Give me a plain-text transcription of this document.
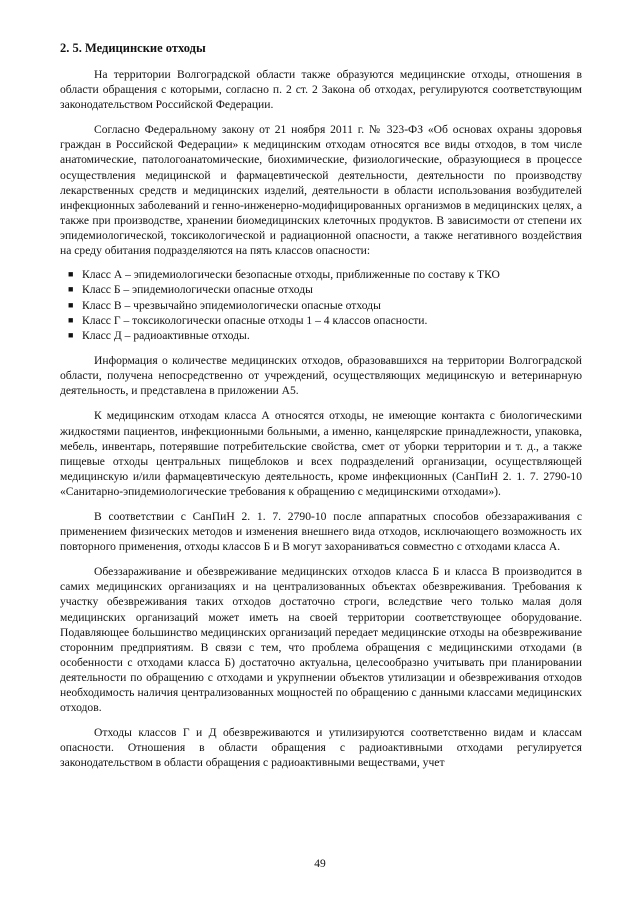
2. 5. Медицинские отходы

На территории Волгоградской области также образуются медицинские отходы, отношения в области обращения с которыми, согласно п. 2 ст. 2 Закона об отходах, регулируются соответствующим законодательством Российской Федерации.

Согласно Федеральному закону от 21 ноября 2011 г. № 323-ФЗ «Об основах охраны здоровья граждан в Российской Федерации» к медицинским отходам относятся все виды отходов, в том числе анатомические, патологоанатомические, биохимические, физиологические, образующиеся в процессе осуществления медицинской и фармацевтической деятельности, деятельности по производству лекарственных средств и медицинских изделий, деятельности в области использования возбудителей инфекционных заболеваний и генно-инженерно-модифицированных организмов в медицинских целях, а также при производстве, хранении биомедицинских клеточных продуктов. В зависимости от степени их эпидемиологической, токсикологической и радиационной опасности, а также негативного воздействия на среду обитания подразделяются на пять классов опасности:

■ Класс А – эпидемиологически безопасные отходы, приближенные по составу к ТКО
■ Класс Б – эпидемиологически опасные отходы
■ Класс В – чрезвычайно эпидемиологически опасные отходы
■ Класс Г – токсикологически опасные отходы 1 – 4 классов опасности.
■ Класс Д – радиоактивные отходы.

Информация о количестве медицинских отходов, образовавшихся на территории Волгоградской области, получена непосредственно от учреждений, осуществляющих медицинскую и ветеринарную деятельность, и представлена в приложении А5.

К медицинским отходам класса А относятся отходы, не имеющие контакта с биологическими жидкостями пациентов, инфекционными больными, а именно, канцелярские принадлежности, упаковка, мебель, инвентарь, потерявшие потребительские свойства, смет от уборки территории и т. д., а также пищевые отходы центральных пищеблоков и всех подразделений организации, осуществляющей медицинскую и/или фармацевтическую деятельность, кроме инфекционных (СанПиН 2. 1. 7. 2790-10 «Санитарно-эпидемиологические требования к обращению с медицинскими отходами»).

В соответствии с СанПиН 2. 1. 7. 2790-10 после аппаратных способов обеззараживания с применением физических методов и изменения внешнего вида отходов, исключающего возможность их повторного применения, отходы классов Б и В могут захораниваться совместно с отходами класса А.

Обеззараживание и обезвреживание медицинских отходов класса Б и класса В производится в самих медицинских организациях и на централизованных объектах обезвреживания. Требования к участку обезвреживания таких отходов достаточно строги, вследствие чего только малая доля медицинских организаций может иметь на своей территории соответствующее оборудование. Подавляющее большинство медицинских организаций передает медицинские отходы на обезвреживание сторонним предприятиям. В связи с тем, что проблема обращения с медицинскими отходами (в особенности с отходами класса Б) достаточно актуальна, целесообразно учитывать при планировании деятельности по обращению с отходами и укрупнении объектов утилизации и обезвреживания отходов необходимость наличия централизованных мощностей по обращению с данными классами медицинских отходов.

Отходы классов Г и Д обезвреживаются и утилизируются соответственно видам и классам опасности. Отношения в области обращения с радиоактивными отходами регулируется законодательством в области обращения с радиоактивными веществами, учет

49
